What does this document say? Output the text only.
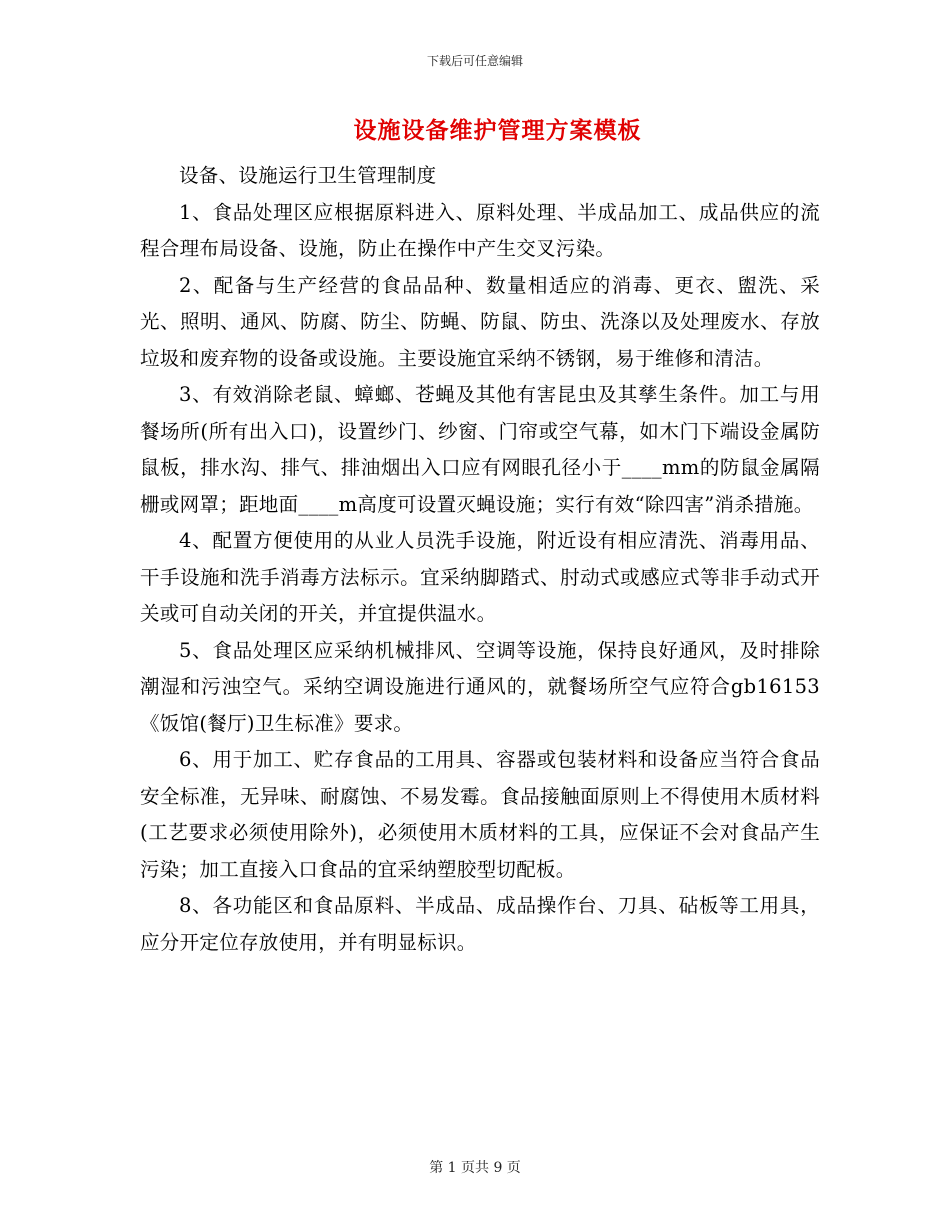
下载后可任意编辑
设施设备维护管理方案模板

设备、设施运行卫生管理制度

1、食品处理区应根据原料进入、原料处理、半成品加工、成品供应的流程合理布局设备、设施，防止在操作中产生交叉污染。

2、配备与生产经营的食品品种、数量相适应的消毒、更衣、盥洗、采光、照明、通风、防腐、防尘、防蝇、防鼠、防虫、洗涤以及处理废水、存放垃圾和废弃物的设备或设施。主要设施宜采纳不锈钢，易于维修和清洁。

3、有效消除老鼠、蟑螂、苍蝇及其他有害昆虫及其孳生条件。加工与用餐场所(所有出入口)，设置纱门、纱窗、门帘或空气幕，如木门下端设金属防鼠板，排水沟、排气、排油烟出入口应有网眼孔径小于____mm的防鼠金属隔栅或网罩；距地面____m高度可设置灭蝇设施；实行有效“除四害”消杀措施。

4、配置方便使用的从业人员洗手设施，附近设有相应清洗、消毒用品、干手设施和洗手消毒方法标示。宜采纳脚踏式、肘动式或感应式等非手动式开关或可自动关闭的开关，并宜提供温水。

5、食品处理区应采纳机械排风、空调等设施，保持良好通风，及时排除潮湿和污浊空气。采纳空调设施进行通风的，就餐场所空气应符合gb16153《饭馆(餐厅)卫生标准》要求。

6、用于加工、贮存食品的工用具、容器或包装材料和设备应当符合食品安全标准，无异味、耐腐蚀、不易发霉。食品接触面原则上不得使用木质材料(工艺要求必须使用除外)，必须使用木质材料的工具，应保证不会对食品产生污染；加工直接入口食品的宜采纳塑胶型切配板。

8、各功能区和食品原料、半成品、成品操作台、刀具、砧板等工用具，应分开定位存放使用，并有明显标识。

第 1 页共 9 页
